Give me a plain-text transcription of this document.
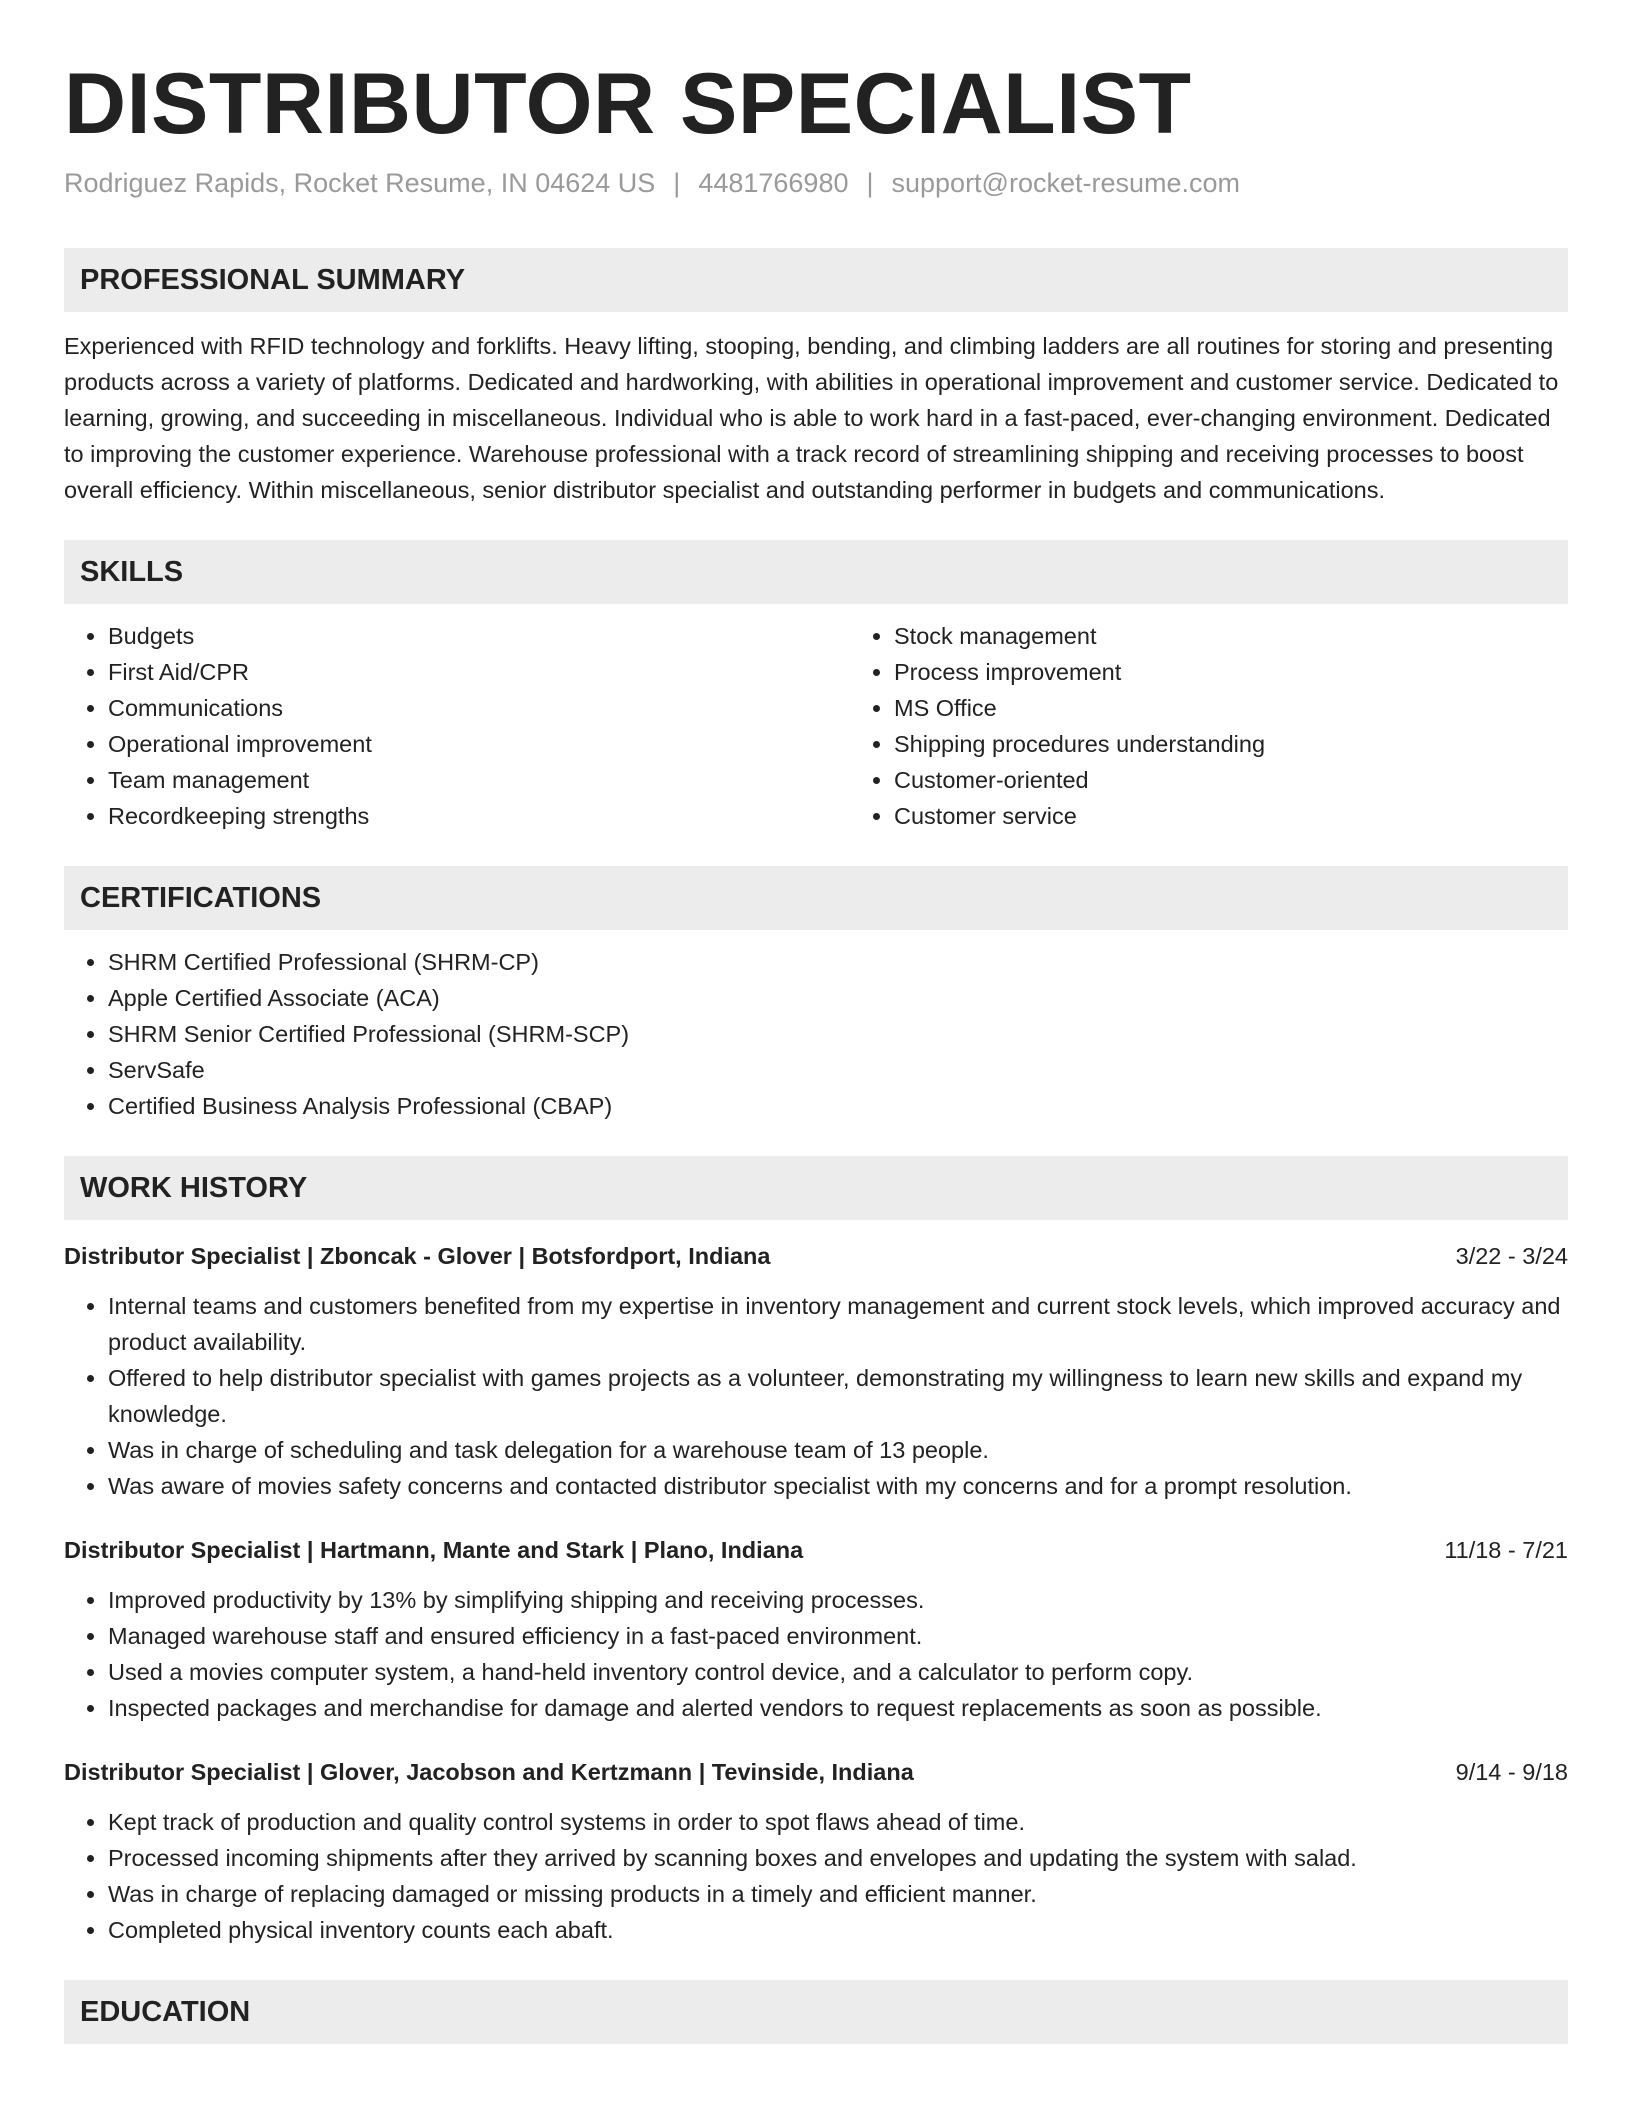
DISTRIBUTOR SPECIALIST
Rodriguez Rapids, Rocket Resume, IN 04624 US | 4481766980 | support@rocket-resume.com
PROFESSIONAL SUMMARY

Experienced with RFID technology and forklifts. Heavy lifting, stooping, bending, and climbing ladders are all routines for storing and presenting products across a variety of platforms. Dedicated and hardworking, with abilities in operational improvement and customer service. Dedicated to learning, growing, and succeeding in miscellaneous. Individual who is able to work hard in a fast-paced, ever-changing environment. Dedicated to improving the customer experience. Warehouse professional with a track record of streamlining shipping and receiving processes to boost overall efficiency. Within miscellaneous, senior distributor specialist and outstanding performer in budgets and communications.

SKILLS
• Budgets
• First Aid/CPR
• Communications
• Operational improvement
• Team management
• Recordkeeping strengths
• Stock management
• Process improvement
• MS Office
• Shipping procedures understanding
• Customer-oriented
• Customer service
CERTIFICATIONS
• SHRM Certified Professional (SHRM-CP)
• Apple Certified Associate (ACA)
• SHRM Senior Certified Professional (SHRM-SCP)
• ServSafe
• Certified Business Analysis Professional (CBAP)
WORK HISTORY
Distributor Specialist | Zboncak - Glover | Botsfordport, Indiana	3/22 - 3/24
• Internal teams and customers benefited from my expertise in inventory management and current stock levels, which improved accuracy and product availability.
• Offered to help distributor specialist with games projects as a volunteer, demonstrating my willingness to learn new skills and expand my knowledge.
• Was in charge of scheduling and task delegation for a warehouse team of 13 people.
• Was aware of movies safety concerns and contacted distributor specialist with my concerns and for a prompt resolution.
Distributor Specialist | Hartmann, Mante and Stark | Plano, Indiana	11/18 - 7/21
• Improved productivity by 13% by simplifying shipping and receiving processes.
• Managed warehouse staff and ensured efficiency in a fast-paced environment.
• Used a movies computer system, a hand-held inventory control device, and a calculator to perform copy.
• Inspected packages and merchandise for damage and alerted vendors to request replacements as soon as possible.
Distributor Specialist | Glover, Jacobson and Kertzmann | Tevinside, Indiana	9/14 - 9/18
• Kept track of production and quality control systems in order to spot flaws ahead of time.
• Processed incoming shipments after they arrived by scanning boxes and envelopes and updating the system with salad.
• Was in charge of replacing damaged or missing products in a timely and efficient manner.
• Completed physical inventory counts each abaft.
EDUCATION
